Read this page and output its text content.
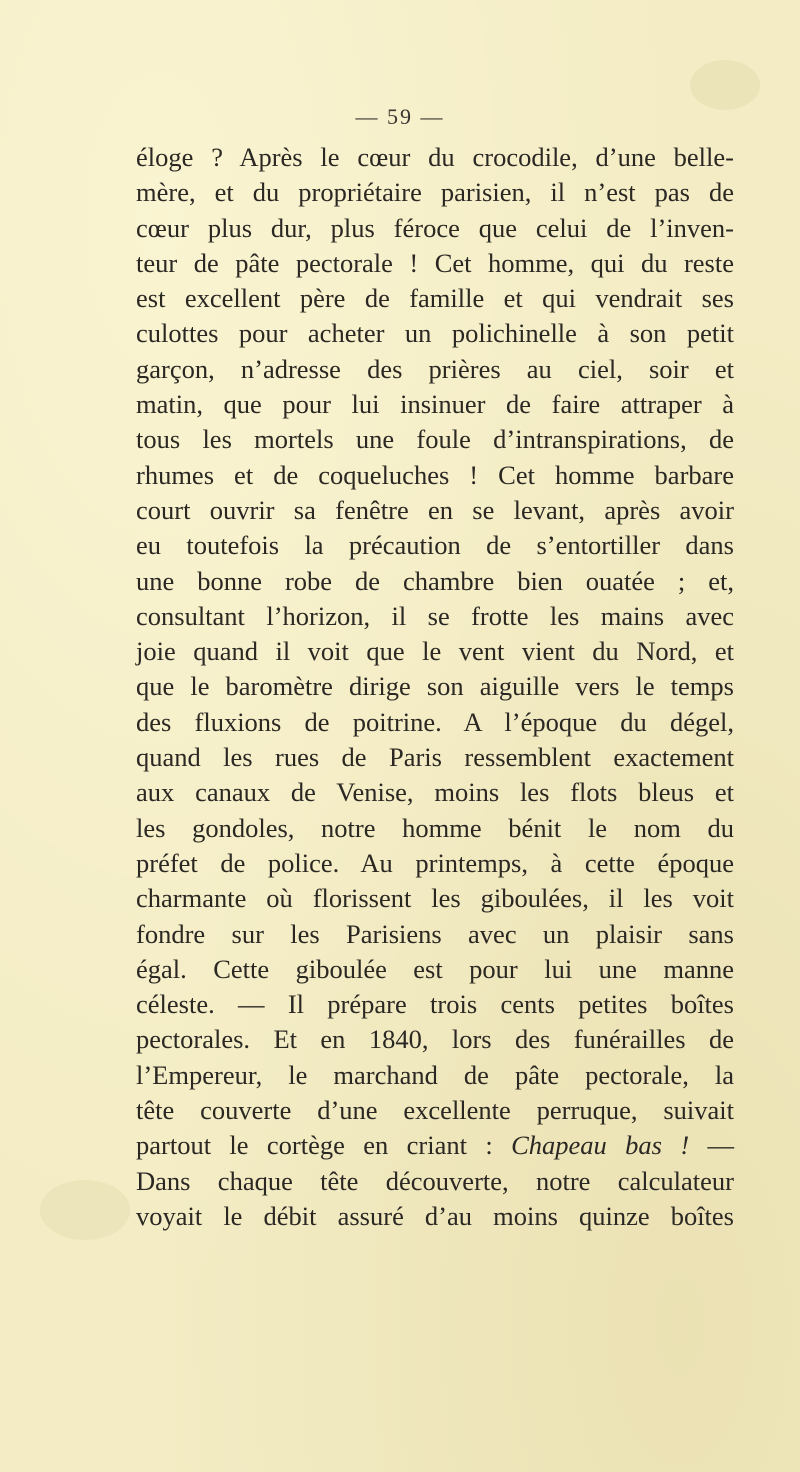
— 59 —
éloge ? Après le cœur du crocodile, d’une belle-
mère, et du propriétaire parisien, il n’est pas de
cœur plus dur, plus féroce que celui de l’inven-
teur de pâte pectorale ! Cet homme, qui du reste
est excellent père de famille et qui vendrait ses
culottes pour acheter un polichinelle à son petit
garçon, n’adresse des prières au ciel, soir et
matin, que pour lui insinuer de faire attraper à
tous les mortels une foule d’intranspirations, de
rhumes et de coqueluches ! Cet homme barbare
court ouvrir sa fenêtre en se levant, après avoir
eu toutefois la précaution de s’entortiller dans
une bonne robe de chambre bien ouatée ; et,
consultant l’horizon, il se frotte les mains avec
joie quand il voit que le vent vient du Nord, et
que le baromètre dirige son aiguille vers le temps
des fluxions de poitrine. A l’époque du dégel,
quand les rues de Paris ressemblent exactement
aux canaux de Venise, moins les flots bleus et
les gondoles, notre homme bénit le nom du
préfet de police. Au printemps, à cette époque
charmante où florissent les giboulées, il les voit
fondre sur les Parisiens avec un plaisir sans
égal. Cette giboulée est pour lui une manne
céleste. — Il prépare trois cents petites boîtes
pectorales. Et en 1840, lors des funérailles de
l’Empereur, le marchand de pâte pectorale, la
tête couverte d’une excellente perruque, suivait
partout le cortège en criant : Chapeau bas ! —
Dans chaque tête découverte, notre calculateur
voyait le débit assuré d’au moins quinze boîtes
